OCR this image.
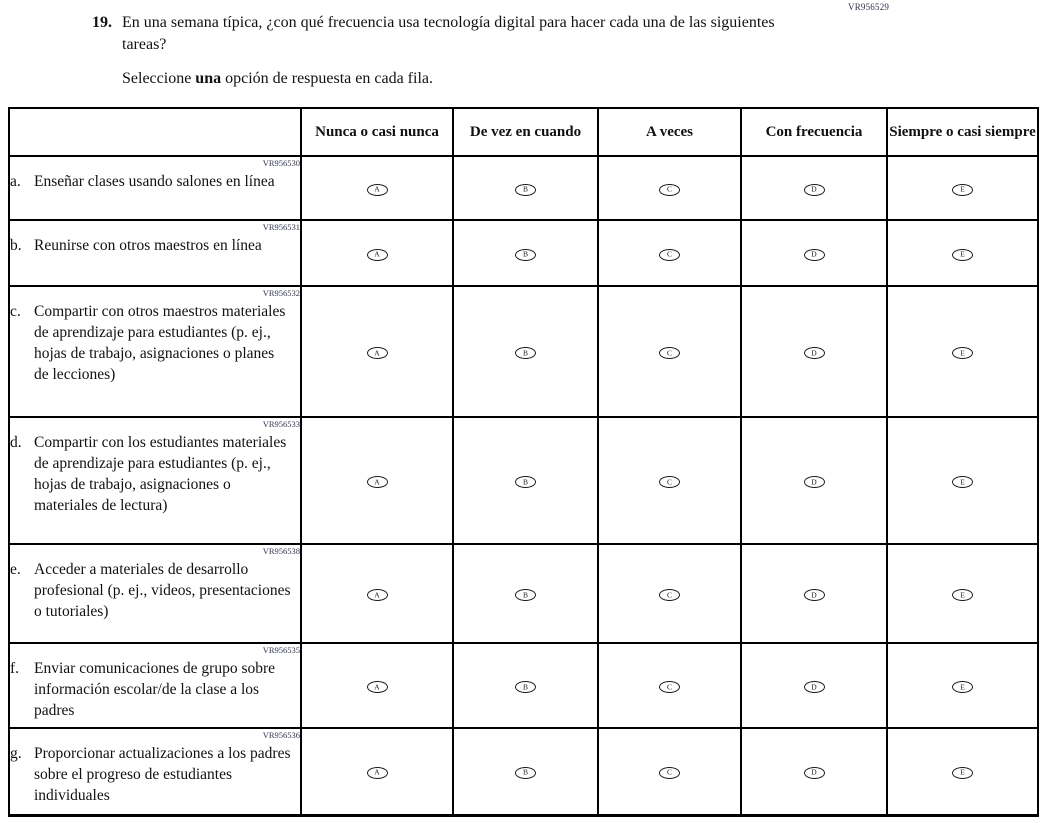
VR956529
19. En una semana típica, ¿con qué frecuencia usa tecnología digital para hacer cada una de las siguientes tareas?
Seleccione una opción de respuesta en cada fila.
	Nunca o casi nunca	De vez en cuando	A veces	Con frecuencia	Siempre o casi siempre

VR956530
a. Enseñar clases usando salones en línea	A	B	C	D	E

VR956531
b. Reunirse con otros maestros en línea	A	B	C	D	E

VR956532
c. Compartir con otros maestros materiales de aprendizaje para estudiantes (p. ej., hojas de trabajo, asignaciones o planes de lecciones)	A	B	C	D	E

VR956533
d. Compartir con los estudiantes materiales de aprendizaje para estudiantes (p. ej., hojas de trabajo, asignaciones o materiales de lectura)	A	B	C	D	E

VR956538
e. Acceder a materiales de desarrollo profesional (p. ej., videos, presentaciones o tutoriales)	A	B	C	D	E

VR956535
f. Enviar comunicaciones de grupo sobre información escolar/de la clase a los padres	A	B	C	D	E

VR956536
g. Proporcionar actualizaciones a los padres sobre el progreso de estudiantes individuales	A	B	C	D	E
